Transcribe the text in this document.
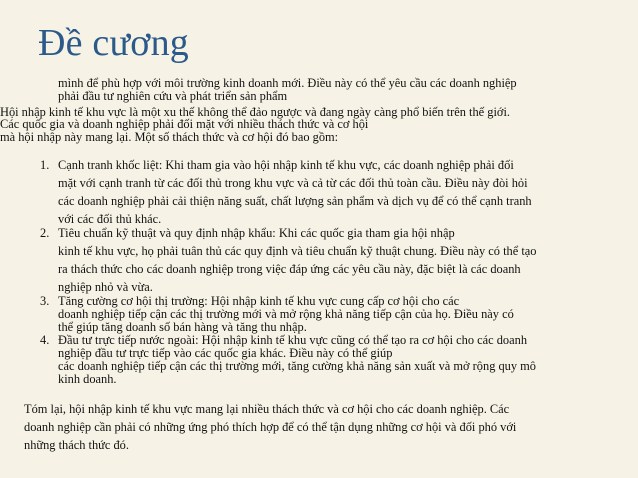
Đề cương
mình để phù hợp với môi trường kinh doanh mới. Điều này có thể yêu cầu các doanh nghiệp
phải đầu tư nghiên cứu và phát triển sản phẩm
Hội nhập kinh tế khu vực là một xu thế không thể đảo ngược và đang ngày càng phổ biến trên thế giới.
Các quốc gia và doanh nghiệp phải đối mặt với nhiều thách thức và cơ hội
mà hội nhập này mang lại. Một số thách thức và cơ hội đó bao gồm:
1. Cạnh tranh khốc liệt: Khi tham gia vào hội nhập kinh tế khu vực, các doanh nghiệp phải đối
mặt với cạnh tranh từ các đối thủ trong khu vực và cả từ các đối thủ toàn cầu. Điều này đòi hỏi
các doanh nghiệp phải cải thiện năng suất, chất lượng sản phẩm và dịch vụ để có thể cạnh tranh
với các đối thủ khác.
2. Tiêu chuẩn kỹ thuật và quy định nhập khẩu: Khi các quốc gia tham gia hội nhập
kinh tế khu vực, họ phải tuân thủ các quy định và tiêu chuẩn kỹ thuật chung. Điều này có thể tạo
ra thách thức cho các doanh nghiệp trong việc đáp ứng các yêu cầu này, đặc biệt là các doanh
nghiệp nhỏ và vừa.
3. Tăng cường cơ hội thị trường: Hội nhập kinh tế khu vực cung cấp cơ hội cho các
doanh nghiệp tiếp cận các thị trường mới và mở rộng khả năng tiếp cận của họ. Điều này có
thể giúp tăng doanh số bán hàng và tăng thu nhập.
4. Đầu tư trực tiếp nước ngoài: Hội nhập kinh tế khu vực cũng có thể tạo ra cơ hội cho các doanh
nghiệp đầu tư trực tiếp vào các quốc gia khác. Điều này có thể giúp
các doanh nghiệp tiếp cận các thị trường mới, tăng cường khả năng sản xuất và mở rộng quy mô
kinh doanh.
Tóm lại, hội nhập kinh tế khu vực mang lại nhiều thách thức và cơ hội cho các doanh nghiệp. Các
doanh nghiệp cần phải có những ứng phó thích hợp để có thể tận dụng những cơ hội và đối phó với
những thách thức đó.
